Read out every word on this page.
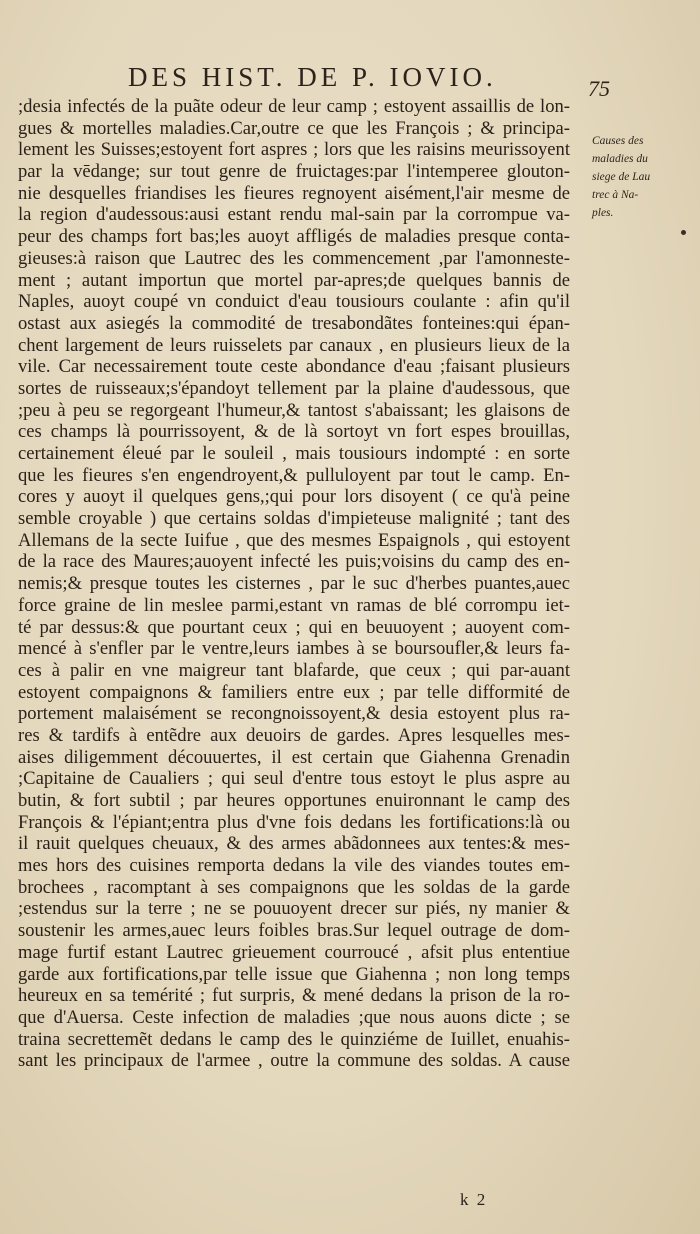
DES HIST. DE P. IOVIO.	75
Causes des
maladies du
siege de Lau
trec à Na-
ples.
;desia infectés de la puãte odeur de leur camp ; estoyent assaillis de lon-
gues & mortelles maladies.Car,outre ce que les François ; & principa-
lement les Suisses;estoyent fort aspres ; lors que les raisins meurissoyent
par la vēdange; sur tout genre de fruictages:par l'intemperee glouton-
nie desquelles friandises les fieures regnoyent aisément,l'air mesme de
la region d'audessous:ausi estant rendu mal-sain par la corrompue va-
peur des champs fort bas;les auoyt affligés de maladies presque conta-
gieuses:à raison que Lautrec des les commencement ,par l'amonneste-
ment ; autant importun que mortel par-apres;de quelques bannis de
Naples, auoyt coupé vn conduict d'eau tousiours coulante : afin qu'il
ostast aux asiegés la commodité de tresabondãtes fonteines:qui épan-
chent largement de leurs ruisselets par canaux , en plusieurs lieux de la
vile. Car necessairement toute ceste abondance d'eau ;faisant plusieurs
sortes de ruisseaux;s'épandoyt tellement par la plaine d'audessous, que
;peu à peu se regorgeant l'humeur,& tantost s'abaissant; les glaisons de
ces champs là pourrissoyent, & de là sortoyt vn fort espes brouillas,
certainement éleué par le souleil , mais tousiours indompté : en sorte
que les fieures s'en engendroyent,& pulluloyent par tout le camp. En-
cores y auoyt il quelques gens,;qui pour lors disoyent ( ce qu'à peine
semble croyable ) que certains soldas d'impieteuse malignité ; tant des
Allemans de la secte Iuifue , que des mesmes Espaignols , qui estoyent
de la race des Maures;auoyent infecté les puis;voisins du camp des en-
nemis;& presque toutes les cisternes , par le suc d'herbes puantes,auec
force graine de lin meslee parmi,estant vn ramas de blé corrompu iet-
té par dessus:& que pourtant ceux ; qui en beuuoyent ; auoyent com-
mencé à s'enfler par le ventre,leurs iambes à se boursoufler,& leurs fa-
ces à palir en vne maigreur tant blafarde, que ceux ; qui par-auant
estoyent compaignons & familiers entre eux ; par telle difformité de
portement malaisément se recongnoissoyent,& desia estoyent plus ra-
res & tardifs à entẽdre aux deuoirs de gardes. Apres lesquelles mes-
aises diligemment découuertes, il est certain que Giahenna Grenadin
;Capitaine de Caualiers ; qui seul d'entre tous estoyt le plus aspre au
butin, & fort subtil ; par heures opportunes enuironnant le camp des
François & l'épiant;entra plus d'vne fois dedans les fortifications:là ou
il rauit quelques cheuaux, & des armes abãdonnees aux tentes:& mes-
mes hors des cuisines remporta dedans la vile des viandes toutes em-
brochees , racomptant à ses compaignons que les soldas de la garde
;estendus sur la terre ; ne se pouuoyent drecer sur piés, ny manier &
soustenir les armes,auec leurs foibles bras.Sur lequel outrage de dom-
mage furtif estant Lautrec grieuement courroucé , afsit plus ententiue
garde aux fortifications,par telle issue que Giahenna ; non long temps
heureux en sa temérité ; fut surpris, & mené dedans la prison de la ro-
que d'Auersa. Ceste infection de maladies ;que nous auons dicte ; se
traina secrettemẽt dedans le camp des le quinziéme de Iuillet, enuahis-
sant les principaux de l'armee , outre la commune des soldas. A cause
k 2
